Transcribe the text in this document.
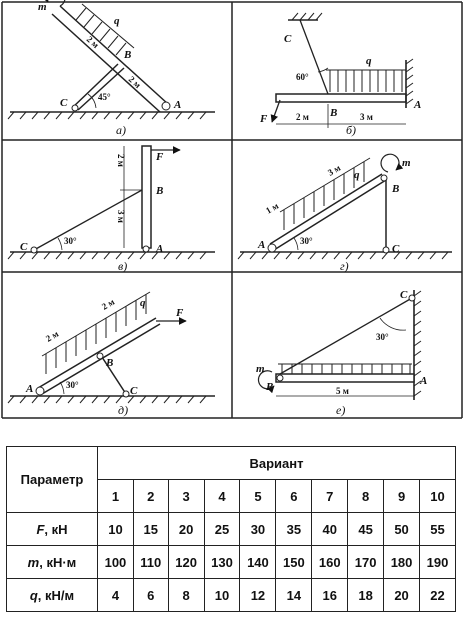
m
q
B
C	A
2 м
2 м
45°
а)
C
q
B
A
F	2 м	3 м
60°
б)
F
B
C	A
2 м
3 м
30°
в)
m
q
B
A	C
3 м
1 м
30°
г)
q
F
B
A	C
2 м
2 м
30°
д)
C
m
B	A
5 м
30°
е)
Параметр	Вариант									
	1	2	3	4	5	6	7	8	9	10
F, кН	10	15	20	25	30	35	40	45	50	55
m, кН·м	100	110	120	130	140	150	160	170	180	190
q, кН/м	4	6	8	10	12	14	16	18	20	22
